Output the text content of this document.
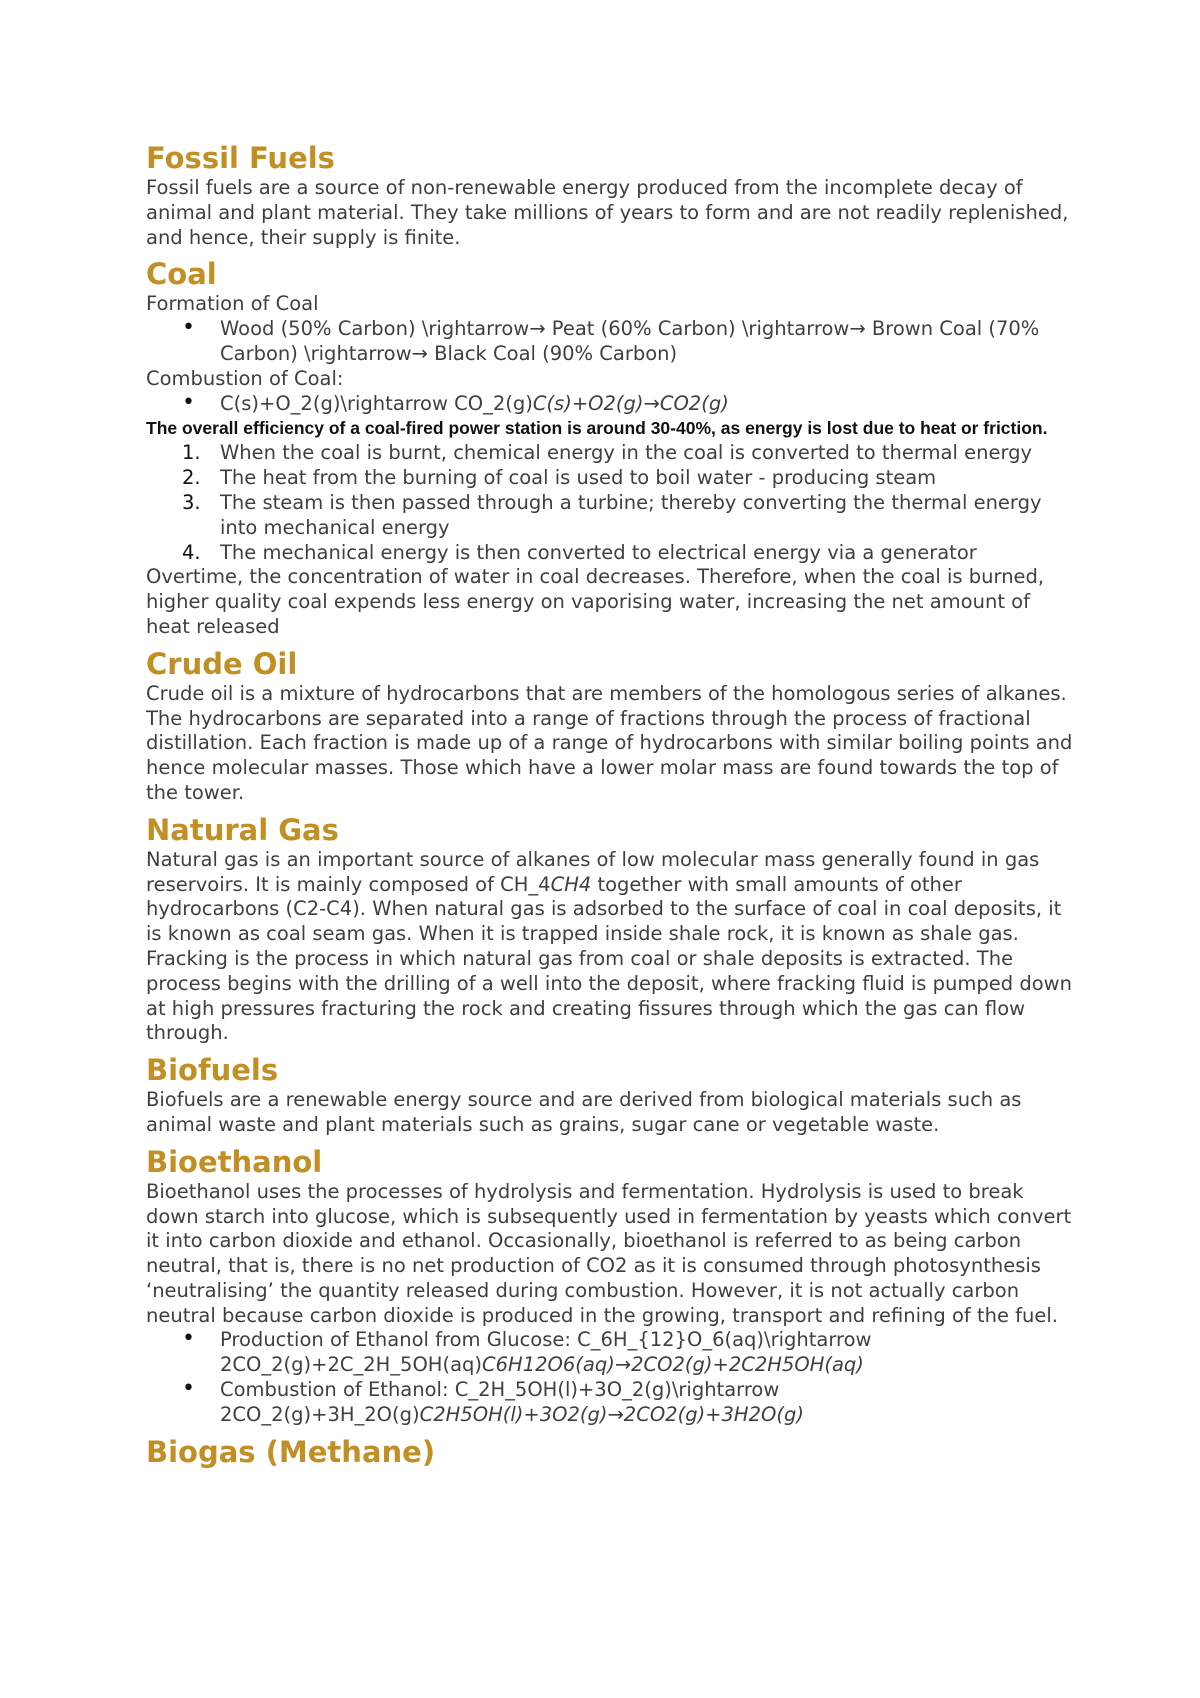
Fossil Fuels

Fossil fuels are a source of non-renewable energy produced from the incomplete decay of animal and plant material. They take millions of years to form and are not readily replenished, and hence, their supply is finite.

Coal

Formation of Coal

• Wood (50% Carbon) \rightarrow→ Peat (60% Carbon) \rightarrow→ Brown Coal (70% Carbon) \rightarrow→ Black Coal (90% Carbon)

Combustion of Coal:

• C(s)+O_2(g)\rightarrow CO_2(g)C(s)+O2(g)→CO2(g)

The overall efficiency of a coal-fired power station is around 30-40%, as energy is lost due to heat or friction.

1. When the coal is burnt, chemical energy in the coal is converted to thermal energy
2. The heat from the burning of coal is used to boil water - producing steam
3. The steam is then passed through a turbine; thereby converting the thermal energy into mechanical energy
4. The mechanical energy is then converted to electrical energy via a generator

Overtime, the concentration of water in coal decreases. Therefore, when the coal is burned, higher quality coal expends less energy on vaporising water, increasing the net amount of heat released

Crude Oil

Crude oil is a mixture of hydrocarbons that are members of the homologous series of alkanes. The hydrocarbons are separated into a range of fractions through the process of fractional distillation. Each fraction is made up of a range of hydrocarbons with similar boiling points and hence molecular masses. Those which have a lower molar mass are found towards the top of the tower.

Natural Gas

Natural gas is an important source of alkanes of low molecular mass generally found in gas reservoirs. It is mainly composed of CH_4CH4 together with small amounts of other hydrocarbons (C2-C4). When natural gas is adsorbed to the surface of coal in coal deposits, it is known as coal seam gas. When it is trapped inside shale rock, it is known as shale gas.

Fracking is the process in which natural gas from coal or shale deposits is extracted. The process begins with the drilling of a well into the deposit, where fracking fluid is pumped down at high pressures fracturing the rock and creating fissures through which the gas can flow through.

Biofuels

Biofuels are a renewable energy source and are derived from biological materials such as animal waste and plant materials such as grains, sugar cane or vegetable waste.

Bioethanol

Bioethanol uses the processes of hydrolysis and fermentation. Hydrolysis is used to break down starch into glucose, which is subsequently used in fermentation by yeasts which convert it into carbon dioxide and ethanol. Occasionally, bioethanol is referred to as being carbon neutral, that is, there is no net production of CO2 as it is consumed through photosynthesis ‘neutralising’ the quantity released during combustion. However, it is not actually carbon neutral because carbon dioxide is produced in the growing, transport and refining of the fuel.

• Production of Ethanol from Glucose: C_6H_{12}O_6(aq)\rightarrow 2CO_2(g)+2C_2H_5OH(aq)C6H12O6(aq)→2CO2(g)+2C2H5OH(aq)
• Combustion of Ethanol: C_2H_5OH(l)+3O_2(g)\rightarrow 2CO_2(g)+3H_2O(g)C2H5OH(l)+3O2(g)→2CO2(g)+3H2O(g)
Biogas (Methane)
